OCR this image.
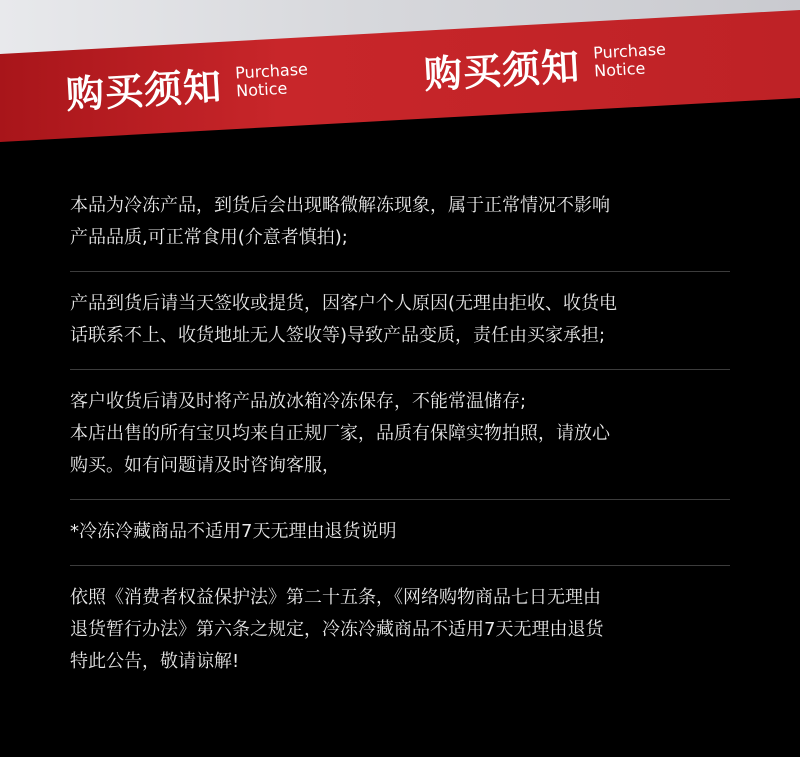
购买须知 Purchase
Notice	购买须知 Purchase
Notice
本品为冷冻产品，到货后会出现略微解冻现象，属于正常情况不影响
产品品质,可正常食用(介意者慎拍);
产品到货后请当天签收或提货，因客户个人原因(无理由拒收、收货电
话联系不上、收货地址无人签收等)导致产品变质，责任由买家承担;
客户收货后请及时将产品放冰箱冷冻保存，不能常温储存;
本店出售的所有宝贝均来自正规厂家，品质有保障实物拍照，请放心
购买。如有问题请及时咨询客服，
*冷冻冷藏商品不适用7天无理由退货说明
依照《消费者权益保护法》第二十五条，《网络购物商品七日无理由
退货暂行办法》第六条之规定，冷冻冷藏商品不适用7天无理由退货
特此公告，敬请谅解!
